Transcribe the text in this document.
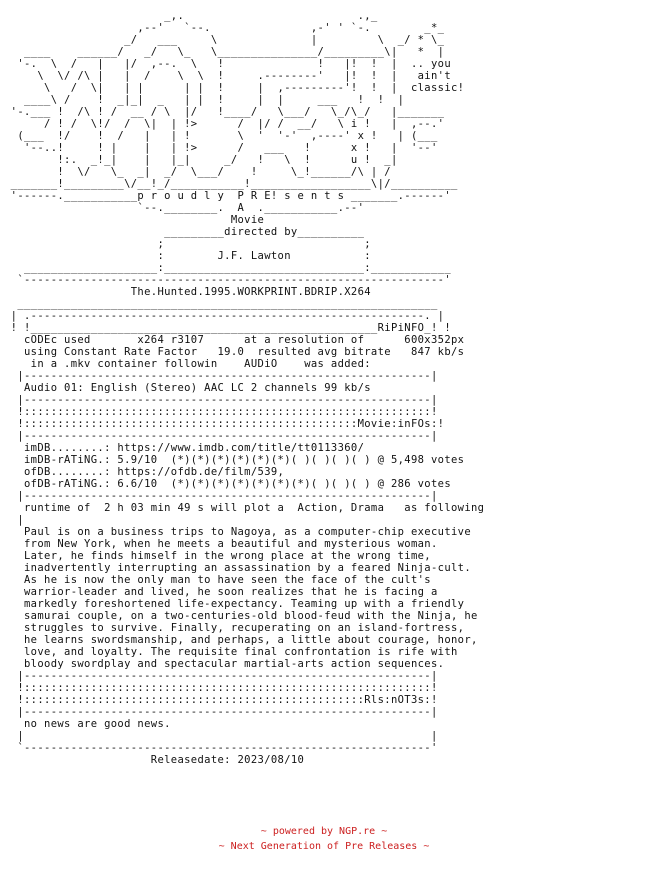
_,.                          .,_
,--'   `--.               ,-' ' `-.        _*_
_/   ___     \              |         \  _/ * \_
____    ______/   _/   \_   \_______________/_________\|   *  |
'-.  \  /   |   |/  ,--.  \   !              !   |!  !  |  .. you
\  \/ /\ |   |  /    \  \  !     .--------'   |!  !  |   ain't
\   /  \|   | |      | |  !     |  ,---------'!  !  |  classic!
____\ /    !  _|_|  _   | |  !     |  |     ___   !  !  |
'-.___ !  /\ ! /  __ / \  |/   !____/   \___/   \_/\_/   |_______
/ ! /  \!/  /  \|  | !>      /  |/ /  __/   \ i !   |  ,--.'
(___  !/    !  /   |   | !       \  '  '-'  ,----' x !   | (___
'--..!     ! |    |   | !>      /   ___   !      x !   |  '--'
!:.  _!_|    |   |_|     _/   !   \  !      u !  _|
!  \/   \_  _|  _/  \___/    !     \_!______/\ | /
_______!_________\/__!_/___________!__________________\|/__________
'------.___________p r o u d l y  P R E! s e n t s _______.------'
`--.________.  A  .___________.--'
Movie
_________directed by__________
;                              ;
:        J.F. Lawton           :
____________________:______________________________:____________
`---------------------------------------------------------------'
The.Hunted.1995.WORKPRINT.BDRIP.X264
_______________________________________________________________
| .-----------------------------------------------------------. |
! !____________________________________________________RiPiNFO_! !
cODEc used       x264 r3107      at a resolution of      600x352px
using Constant Rate Factor   19.0  resulted avg bitrate   847 kb/s
in a .mkv container followin    AUDiO    was added:
|-------------------------------------------------------------|
Audio 01: English (Stereo) AAC LC 2 channels 99 kb/s
|-------------------------------------------------------------|
!:::::::::::::::::::::::::::::::::::::::::::::::::::::::::::::!
!::::::::::::::::::::::::::::::::::::::::::::::::::Movie:inFOs:!
|-------------------------------------------------------------|
imDB........: https://www.imdb.com/title/tt0113360/
imDB-rATiNG.: 5.9/10  (*)(*)(*)(*)(*)(*)( )( )( )( ) @ 5,498 votes
ofDB........: https://ofdb.de/film/539,
ofDB-rATiNG.: 6.6/10  (*)(*)(*)(*)(*)(*)(*)( )( )( ) @ 286 votes
|-------------------------------------------------------------|
runtime of  2 h 03 min 49 s will plot a  Action, Drama   as following
|
Paul is on a business trips to Nagoya, as a computer-chip executive
from New York, when he meets a beautiful and mysterious woman.
Later, he finds himself in the wrong place at the wrong time,
inadvertently interrupting an assassination by a feared Ninja-cult.
As he is now the only man to have seen the face of the cult's
warrior-leader and lived, he soon realizes that he is facing a
markedly foreshortened life-expectancy. Teaming up with a friendly
samurai couple, on a two-centuries-old blood-feud with the Ninja, he
struggles to survive. Finally, recuperating on an island-fortress,
he learns swordsmanship, and perhaps, a little about courage, honor,
love, and loyalty. The requisite final confrontation is rife with
bloody swordplay and spectacular martial-arts action sequences.
|-------------------------------------------------------------|
!:::::::::::::::::::::::::::::::::::::::::::::::::::::::::::::!
!:::::::::::::::::::::::::::::::::::::::::::::::::::Rls:nOT3s:!
|-------------------------------------------------------------|
no news are good news.
|                                                             |
`-------------------------------------------------------------'
Releasedate: 2023/08/10

~ powered by NGP.re ~
~ Next Generation of Pre Releases ~
